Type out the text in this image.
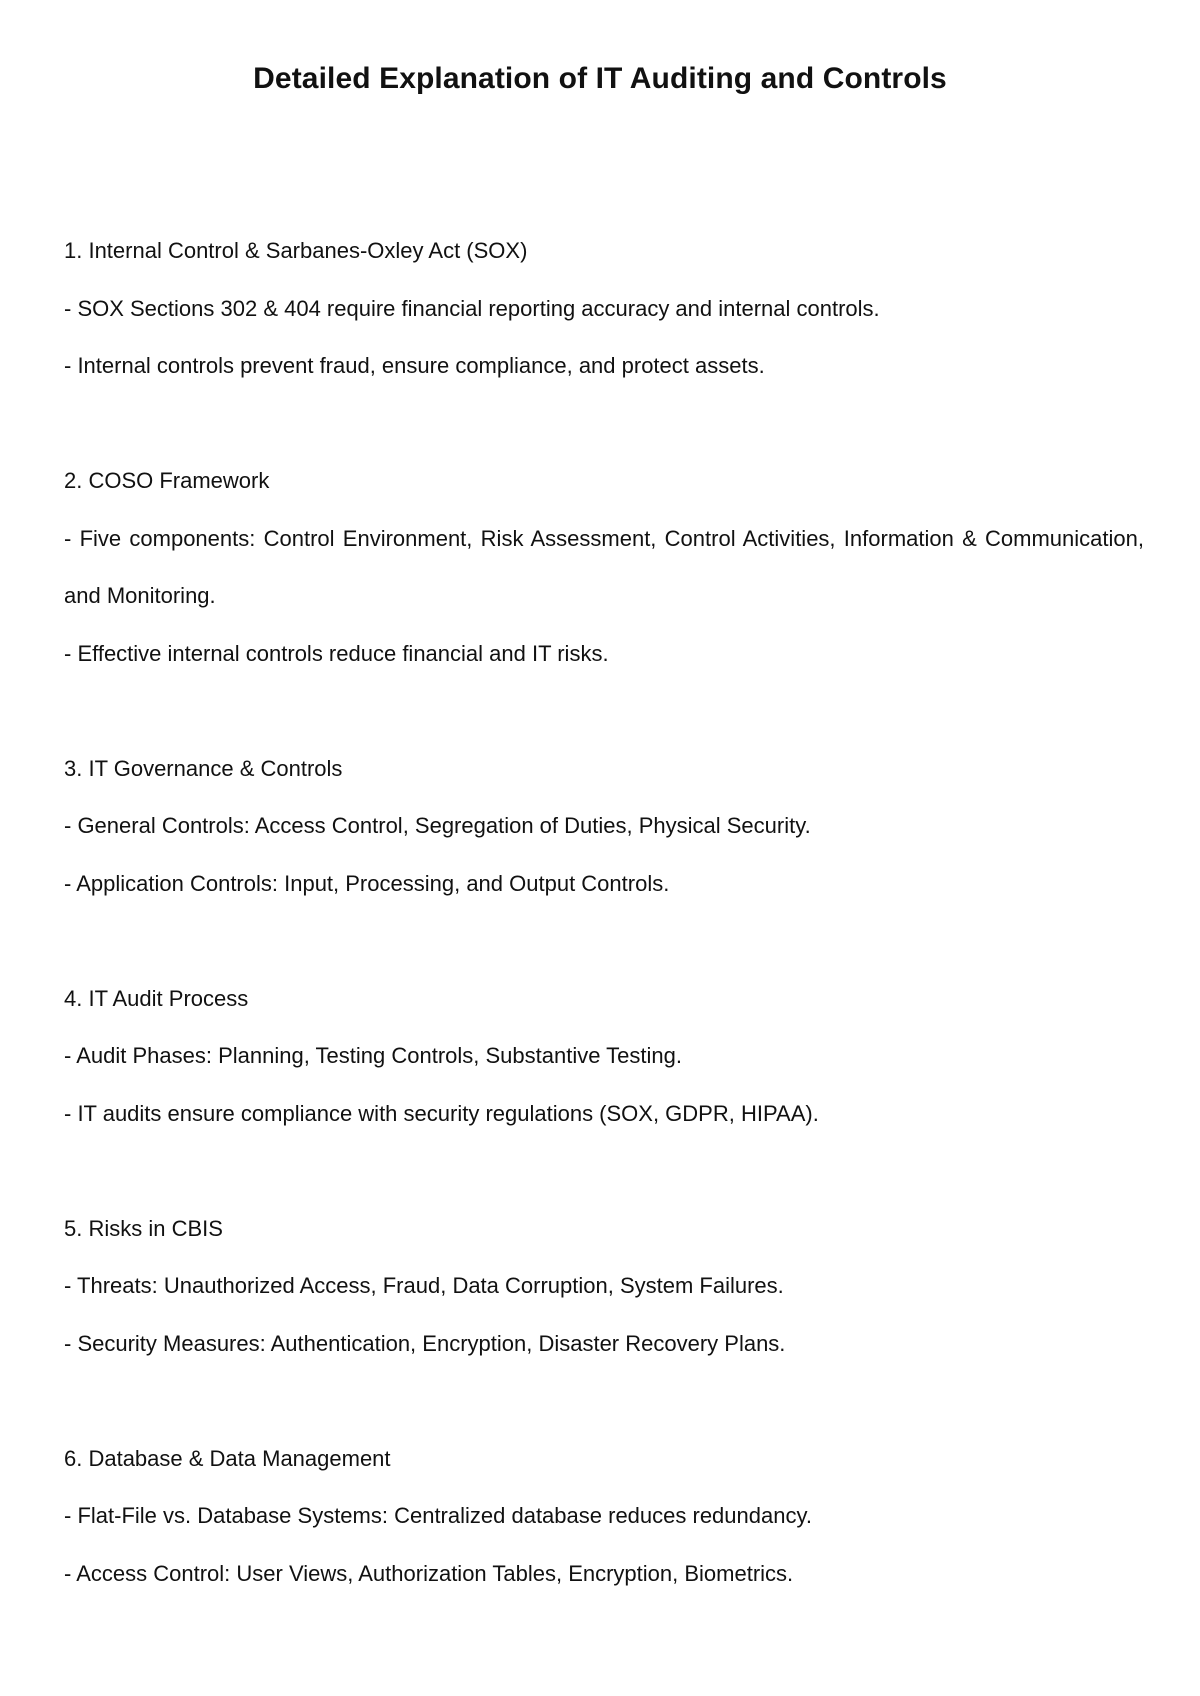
Detailed Explanation of IT Auditing and Controls

1. Internal Control & Sarbanes-Oxley Act (SOX)

- SOX Sections 302 & 404 require financial reporting accuracy and internal controls.

- Internal controls prevent fraud, ensure compliance, and protect assets.

2. COSO Framework

- Five components: Control Environment, Risk Assessment, Control Activities, Information & Communication, and Monitoring.

- Effective internal controls reduce financial and IT risks.

3. IT Governance & Controls

- General Controls: Access Control, Segregation of Duties, Physical Security.

- Application Controls: Input, Processing, and Output Controls.

4. IT Audit Process

- Audit Phases: Planning, Testing Controls, Substantive Testing.

- IT audits ensure compliance with security regulations (SOX, GDPR, HIPAA).

5. Risks in CBIS

- Threats: Unauthorized Access, Fraud, Data Corruption, System Failures.

- Security Measures: Authentication, Encryption, Disaster Recovery Plans.

6. Database & Data Management

- Flat-File vs. Database Systems: Centralized database reduces redundancy.

- Access Control: User Views, Authorization Tables, Encryption, Biometrics.
